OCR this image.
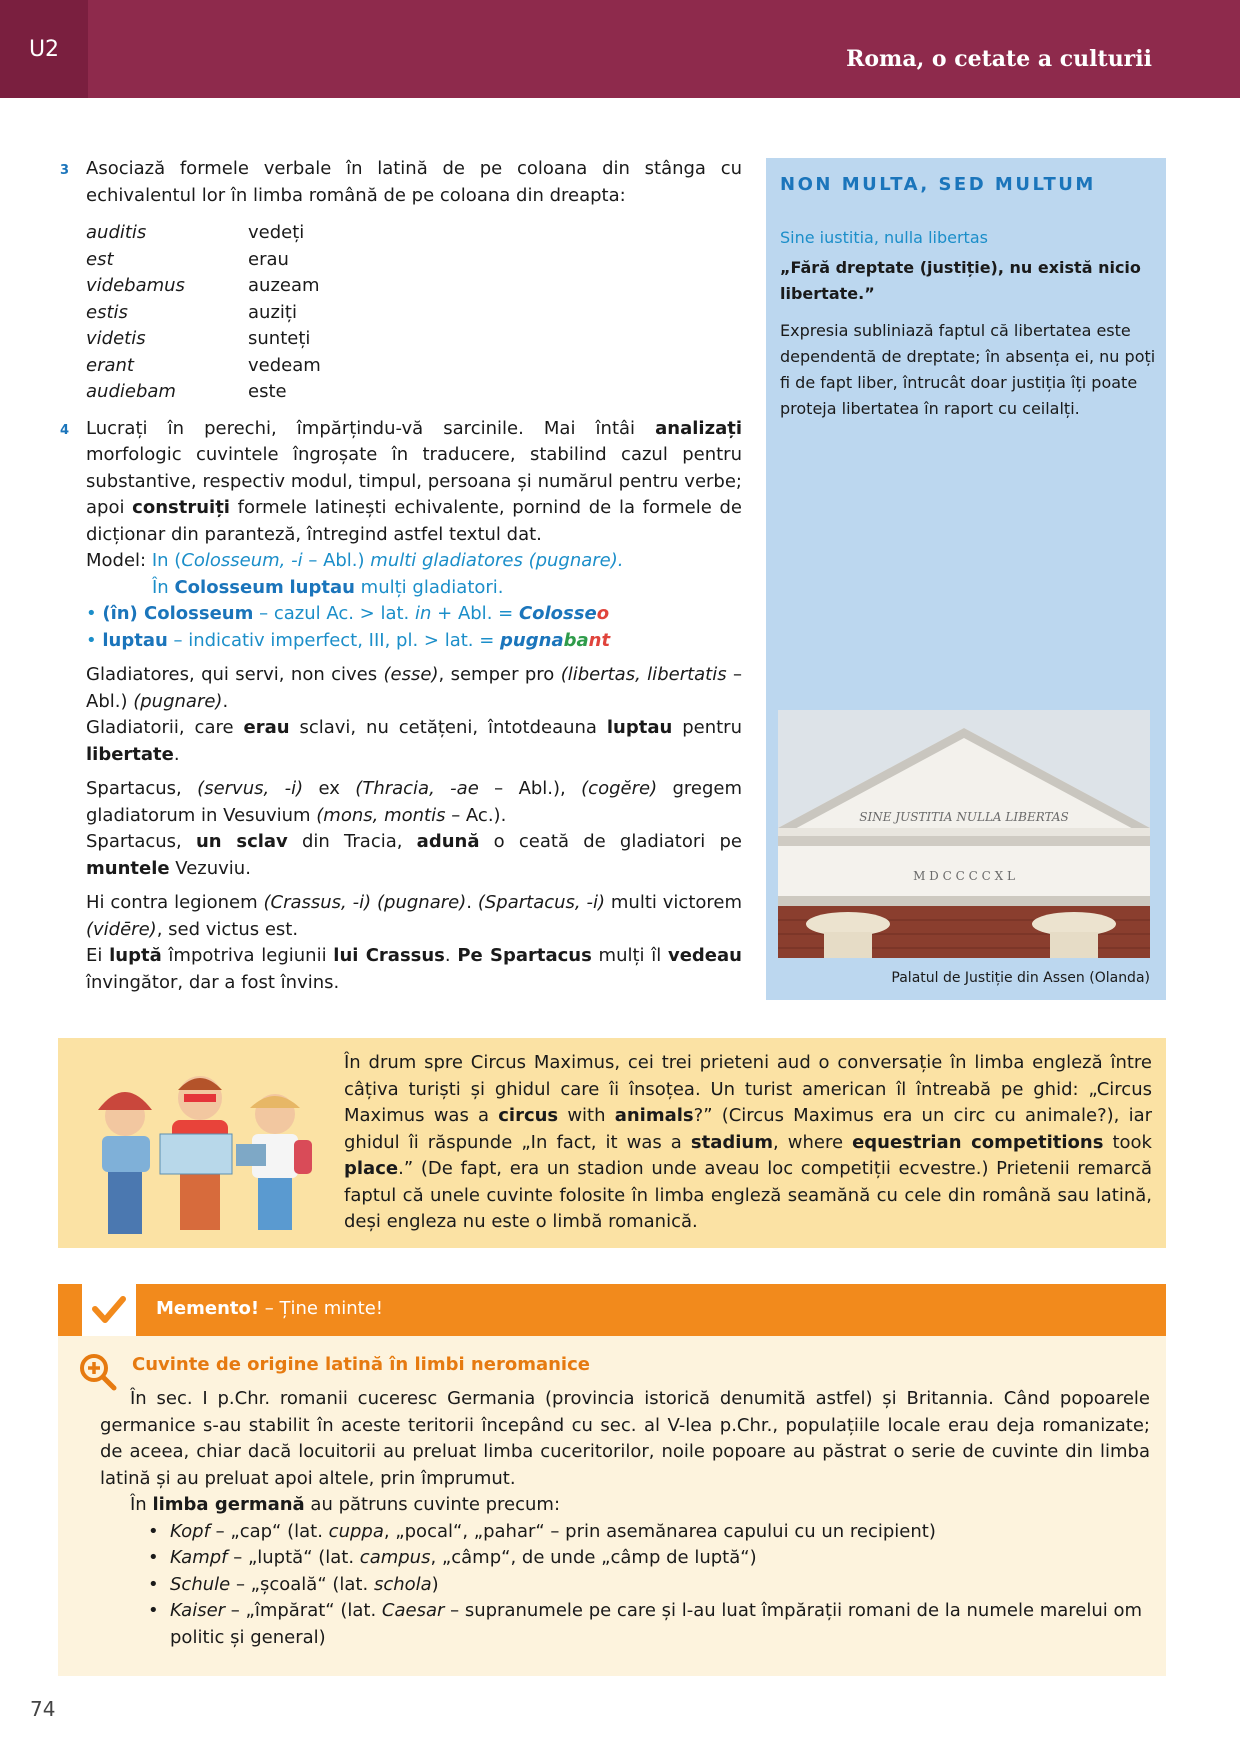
U2	Roma, o cetate a culturii
3 Asociază formele verbale în latină de pe coloana din stânga cu echivalentul lor în limba română de pe coloana din dreapta:
auditis	vedeți
est	erau
videbamus	auzeam
estis	auziți
videtis	sunteți
erant	vedeam
audiebam	este
4 Lucrați în perechi, împărțindu-vă sarcinile. Mai întâi analizați morfologic cuvintele îngroșate în traducere, stabilind cazul pentru substantive, respectiv modul, timpul, persoana și numărul pentru verbe; apoi construiți formele latinești echivalente, pornind de la formele de dicționar din paranteză, întregind astfel textul dat.
Model: In (Colosseum, -i – Abl.) multi gladiatores (pugnare).
În Colosseum luptau mulți gladiatori.
• (în) Colosseum – cazul Ac. > lat. in + Abl. = Colosseo
• luptau – indicativ imperfect, III, pl. > lat. = pugnabant
Gladiatores, qui servi, non cives (esse), semper pro (libertas, libertatis – Abl.) (pugnare).
Gladiatorii, care erau sclavi, nu cetățeni, întotdeauna luptau pentru libertate.
Spartacus, (servus, -i) ex (Thracia, -ae – Abl.), (cogĕre) gregem gladiatorum in Vesuvium (mons, montis – Ac.).
Spartacus, un sclav din Tracia, adună o ceată de gladiatori pe muntele Vezuviu.
Hi contra legionem (Crassus, -i) (pugnare). (Spartacus, -i) multi victorem (vidēre), sed victus est.
Ei luptă împotriva legiunii lui Crassus. Pe Spartacus mulți îl vedeau învingător, dar a fost învins.
NON MULTA, SED MULTUM
Sine iustitia, nulla libertas
„Fără dreptate (justiție), nu există nicio libertate.”
Expresia subliniază faptul că libertatea este dependentă de dreptate; în absența ei, nu poți fi de fapt liber, întrucât doar justiția îți poate proteja libertatea în raport cu ceilalți.
SINE JUSTITIA NULLA LIBERTAS
M D C C C C X L
Palatul de Justiție din Assen (Olanda)
În drum spre Circus Maximus, cei trei prieteni aud o conversație în limba engleză între câțiva turiști și ghidul care îi însoțea. Un turist american îl întreabă pe ghid: „Circus Maximus was a circus with animals?” (Circus Maximus era un circ cu animale?), iar ghidul îi răspunde „In fact, it was a stadium, where equestrian competitions took place.” (De fapt, era un stadion unde aveau loc competiții ecvestre.) Prietenii remarcă faptul că unele cuvinte folosite în limba engleză seamănă cu cele din română sau latină, deși engleza nu este o limbă romanică.
Memento! – Ține minte!
Cuvinte de origine latină în limbi neromanice
În sec. I p.Chr. romanii cuceresc Germania (provincia istorică denumită astfel) și Britannia. Când popoarele germanice s-au stabilit în aceste teritorii începând cu sec. al V-lea p.Chr., populațiile locale erau deja romanizate; de aceea, chiar dacă locuitorii au preluat limba cuceritorilor, noile popoare au păstrat o serie de cuvinte din limba latină și au preluat apoi altele, prin împrumut.
În limba germană au pătruns cuvinte precum:
• Kopf – „cap“ (lat. cuppa, „pocal“, „pahar“ – prin asemănarea capului cu un recipient)
• Kampf – „luptă“ (lat. campus, „câmp“, de unde „câmp de luptă“)
• Schule – „școală“ (lat. schola)
• Kaiser – „împărat“ (lat. Caesar – supranumele pe care și l-au luat împărații romani de la numele marelui om politic și general)
74
